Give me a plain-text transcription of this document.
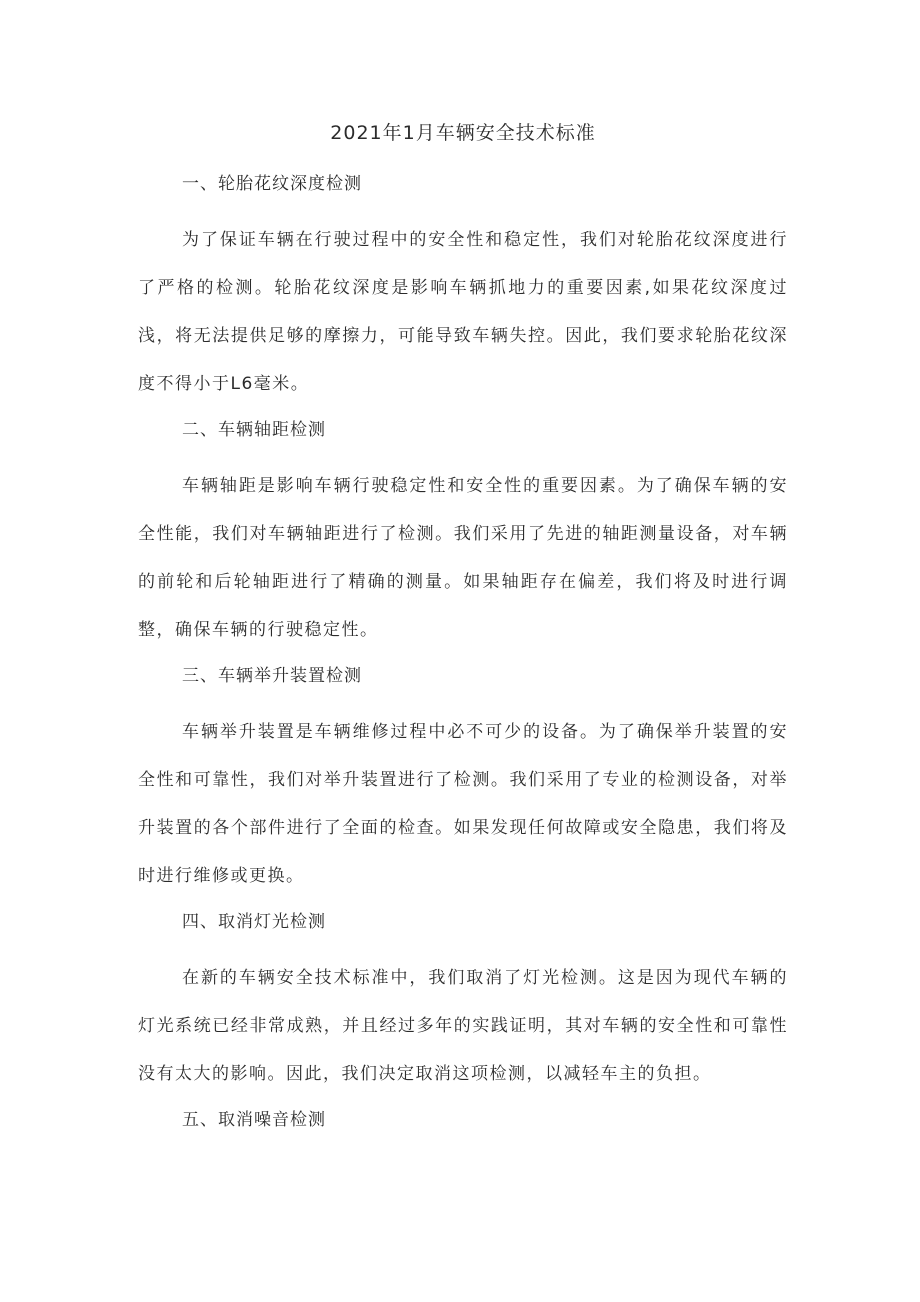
2021年1月车辆安全技术标准
一、轮胎花纹深度检测

为了保证车辆在行驶过程中的安全性和稳定性，我们对轮胎花纹深度进行了严格的检测。轮胎花纹深度是影响车辆抓地力的重要因素,如果花纹深度过浅，将无法提供足够的摩擦力，可能导致车辆失控。因此，我们要求轮胎花纹深度不得小于L6毫米。

二、车辆轴距检测

车辆轴距是影响车辆行驶稳定性和安全性的重要因素。为了确保车辆的安全性能，我们对车辆轴距进行了检测。我们采用了先进的轴距测量设备，对车辆的前轮和后轮轴距进行了精确的测量。如果轴距存在偏差，我们将及时进行调整，确保车辆的行驶稳定性。

三、车辆举升装置检测

车辆举升装置是车辆维修过程中必不可少的设备。为了确保举升装置的安全性和可靠性，我们对举升装置进行了检测。我们采用了专业的检测设备，对举升装置的各个部件进行了全面的检查。如果发现任何故障或安全隐患，我们将及时进行维修或更换。

四、取消灯光检测

在新的车辆安全技术标准中，我们取消了灯光检测。这是因为现代车辆的灯光系统已经非常成熟，并且经过多年的实践证明，其对车辆的安全性和可靠性没有太大的影响。因此，我们决定取消这项检测，以减轻车主的负担。

五、取消噪音检测
